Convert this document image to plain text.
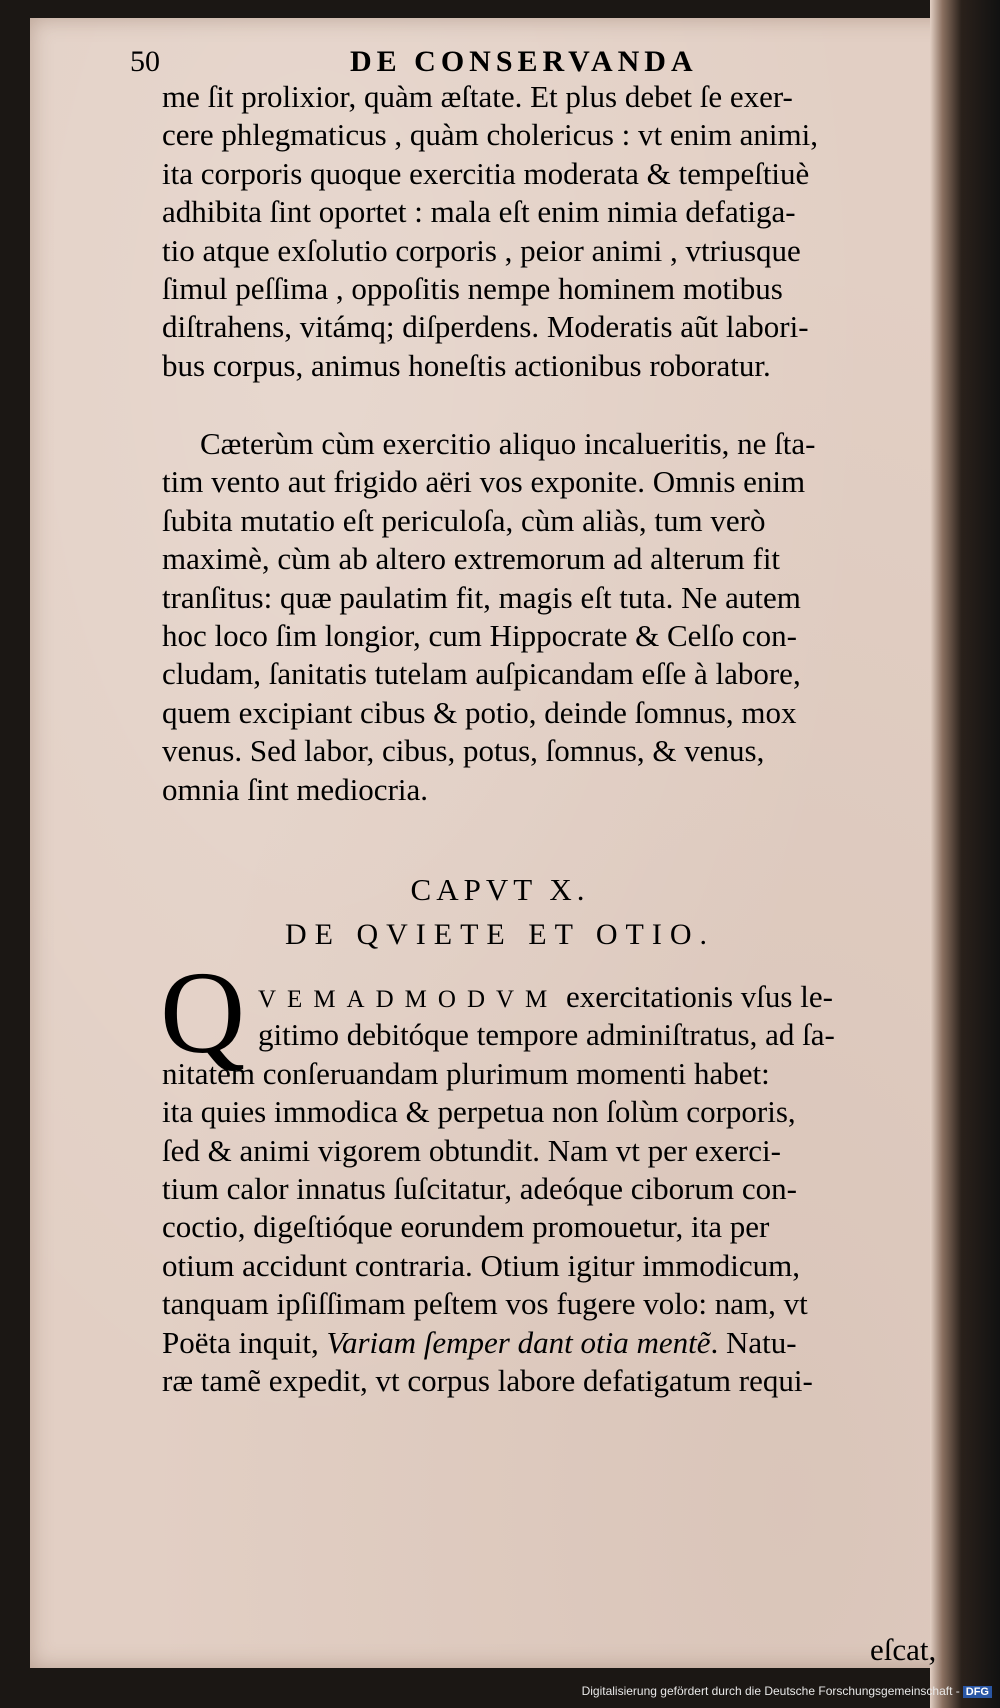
50	DE CONSERVANDA
me ſit prolixior, quàm æſtate. Et plus debet ſe exer-
cere phlegmaticus , quàm cholericus : vt enim animi,
ita corporis quoque exercitia moderata & tempeſtiuè
adhibita ſint oportet : mala eſt enim nimia defatiga-
tio atque exſolutio corporis , peior animi , vtriusque
ſimul peſſima , oppoſitis nempe hominem motibus
diſtrahens, vitámq; diſperdens. Moderatis aũt labori-
bus corpus, animus honeſtis actionibus roboratur.
Cæterùm cùm exercitio aliquo incalueritis, ne ſta-
tim vento aut frigido aëri vos exponite. Omnis enim
ſubita mutatio eſt periculoſa, cùm aliàs, tum verò
maximè, cùm ab altero extremorum ad alterum fit
tranſitus: quæ paulatim fit, magis eſt tuta. Ne autem
hoc loco ſim longior, cum Hippocrate & Celſo con-
cludam, ſanitatis tutelam auſpicandam eſſe à labore,
quem excipiant cibus & potio, deinde ſomnus, mox
venus. Sed labor, cibus, potus, ſomnus, & venus,
omnia ſint mediocria.
CAPVT X.
DE QVIETE ET OTIO.
Q VEMADMODVM exercitationis vſus le-
gitimo debitóque tempore adminiſtratus, ad ſa-
nitatem conſeruandam plurimum momenti habet:
ita quies immodica & perpetua non ſolùm corporis,
ſed & animi vigorem obtundit. Nam vt per exerci-
tium calor innatus ſuſcitatur, adeóque ciborum con-
coctio, digeſtióque eorundem promouetur, ita per
otium accidunt contraria. Otium igitur immodicum,
tanquam ipſiſſimam peſtem vos fugere volo: nam, vt
Poëta inquit, Variam ſemper dant otia mentẽ. Natu-
ræ tamẽ expedit, vt corpus labore defatigatum requi-
eſcat,
Digitalisierung gefördert durch die Deutsche Forschungsgemeinschaft - DFG
